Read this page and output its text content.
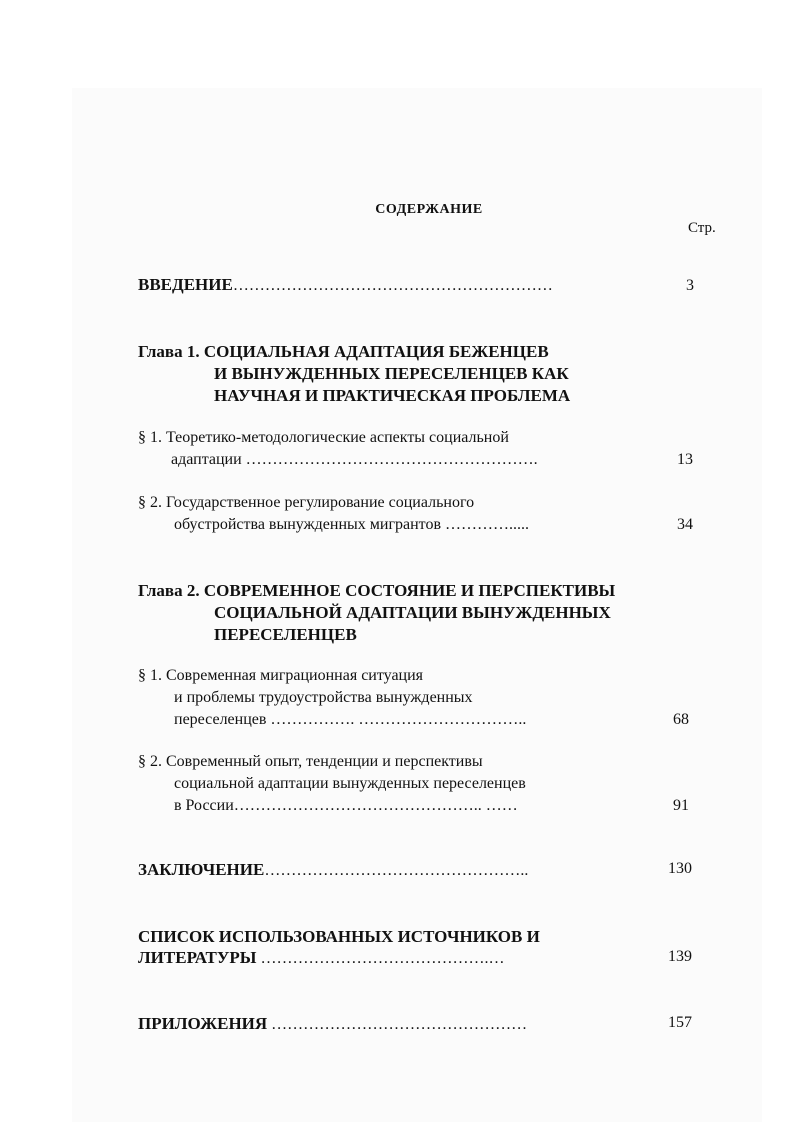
СОДЕРЖАНИЕ
Стр.
ВВЕДЕНИЕ……………………………………………………	3
Глава 1. СОЦИАЛЬНАЯ АДАПТАЦИЯ БЕЖЕНЦЕВ
И ВЫНУЖДЕННЫХ ПЕРЕСЕЛЕНЦЕВ КАК
НАУЧНАЯ И ПРАКТИЧЕСКАЯ ПРОБЛЕМА
§ 1. Теоретико-методологические аспекты социальной
адаптации ……………………………………………….	13
§ 2. Государственное регулирование социального
обустройства вынужденных мигрантов ………….....	34
Глава 2. СОВРЕМЕННОЕ СОСТОЯНИЕ И ПЕРСПЕКТИВЫ
СОЦИАЛЬНОЙ АДАПТАЦИИ ВЫНУЖДЕННЫХ
ПЕРЕСЕЛЕНЦЕВ
§ 1. Современная миграционная ситуация
и проблемы трудоустройства вынужденных
переселенцев ……………. …………………………..	68
§ 2. Современный опыт, тенденции и перспективы
социальной адаптации вынужденных переселенцев
в России……………………………………….. ……	91
ЗАКЛЮЧЕНИЕ…………………………………………..	130
СПИСОК ИСПОЛЬЗОВАННЫХ ИСТОЧНИКОВ И
ЛИТЕРАТУРЫ …………………………………….…	139
ПРИЛОЖЕНИЯ …………………………………………	157
